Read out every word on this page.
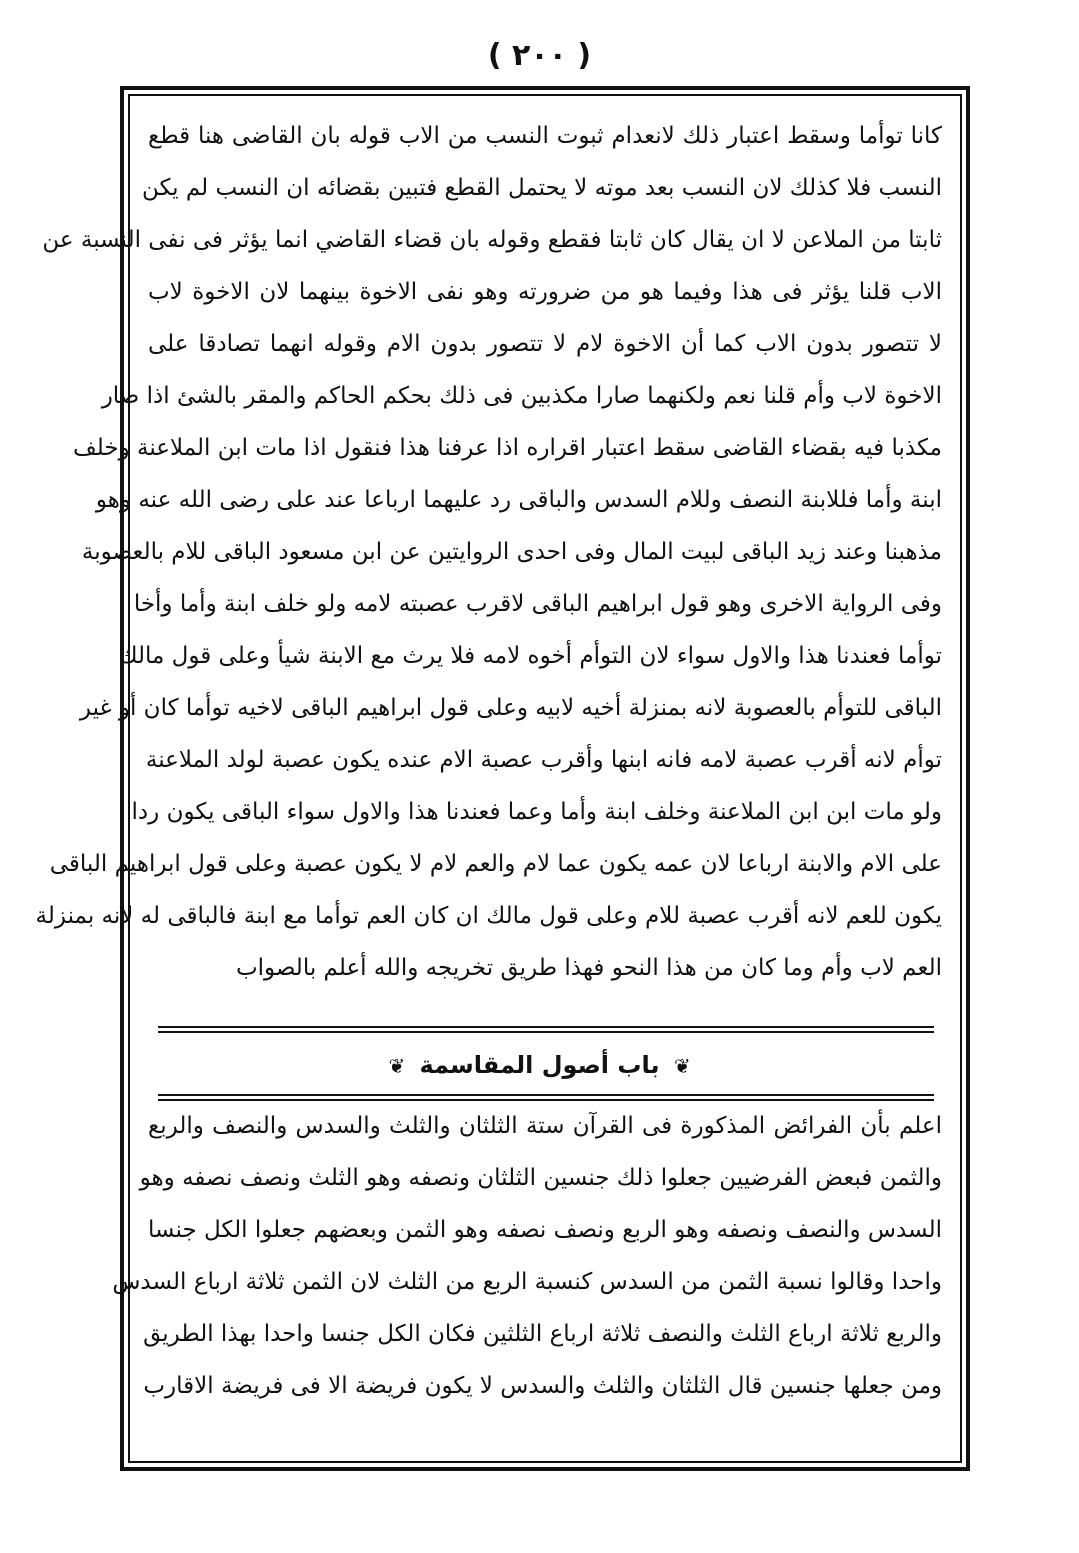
( ٢٠٠ )
كانا توأما وسقط اعتبار ذلك لانعدام ثبوت النسب من الاب قوله بان القاضى هنا قطع
النسب فلا كذلك لان النسب بعد موته لا يحتمل القطع فتبين بقضائه ان النسب لم يكن
ثابتا من الملاعن لا ان يقال كان ثابتا فقطع وقوله بان قضاء القاضي انما يؤثر فى نفى النسبة عن
الاب قلنا يؤثر فى هذا وفيما هو من ضرورته وهو نفى الاخوة بينهما لان الاخوة لاب
لا تتصور بدون الاب كما أن الاخوة لام لا تتصور بدون الام وقوله انهما تصادقا على
الاخوة لاب وأم قلنا نعم ولكنهما صارا مكذبين فى ذلك بحكم الحاكم والمقر بالشئ اذا صار
مكذبا فيه بقضاء القاضى سقط اعتبار اقراره اذا عرفنا هذا فنقول اذا مات ابن الملاعنة وخلف
ابنة وأما فللابنة النصف وللام السدس والباقى رد عليهما ارباعا عند على رضى الله عنه وهو
مذهبنا وعند زيد الباقى لبيت المال وفى احدى الروايتين عن ابن مسعود الباقى للام بالعصوبة
وفى الرواية الاخرى وهو قول ابراهيم الباقى لاقرب عصبته لامه ولو خلف ابنة وأما وأخا
توأما فعندنا هذا والاول سواء لان التوأم أخوه لامه فلا يرث مع الابنة شيأ وعلى قول مالك
الباقى للتوأم بالعصوبة لانه بمنزلة أخيه لابيه وعلى قول ابراهيم الباقى لاخيه توأما كان أو غير
توأم لانه أقرب عصبة لامه فانه ابنها وأقرب عصبة الام عنده يكون عصبة لولد الملاعنة
ولو مات ابن ابن الملاعنة وخلف ابنة وأما وعما فعندنا هذا والاول سواء الباقى يكون ردا
على الام والابنة ارباعا لان عمه يكون عما لام والعم لام لا يكون عصبة وعلى قول ابراهيم الباقى
يكون للعم لانه أقرب عصبة للام وعلى قول مالك ان كان العم توأما مع ابنة فالباقى له لانه بمنزلة
العم لاب وأم وما كان من هذا النحو فهذا طريق تخريجه والله أعلم بالصواب
❦ باب أصول المقاسمة ❦
اعلم بأن الفرائض المذكورة فى القرآن ستة الثلثان والثلث والسدس والنصف والربع
والثمن فبعض الفرضيين جعلوا ذلك جنسين الثلثان ونصفه وهو الثلث ونصف نصفه وهو
السدس والنصف ونصفه وهو الربع ونصف نصفه وهو الثمن وبعضهم جعلوا الكل جنسا
واحدا وقالوا نسبة الثمن من السدس كنسبة الربع من الثلث لان الثمن ثلاثة ارباع السدس
والربع ثلاثة ارباع الثلث والنصف ثلاثة ارباع الثلثين فكان الكل جنسا واحدا بهذا الطريق
ومن جعلها جنسين قال الثلثان والثلث والسدس لا يكون فريضة الا فى فريضة الاقارب
